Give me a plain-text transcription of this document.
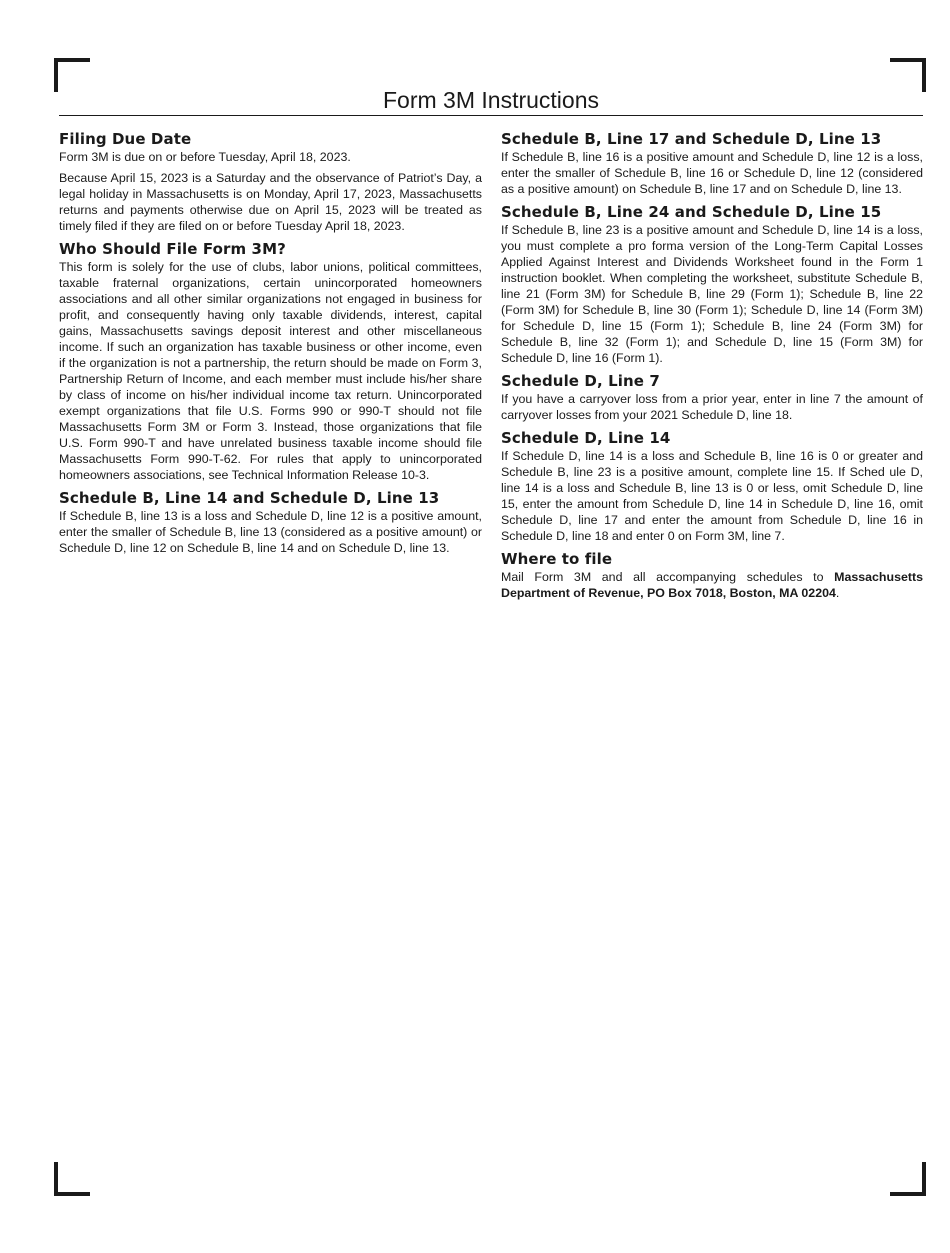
Form 3M Instructions
Filing Due Date

Form 3M is due on or before Tuesday, April 18, 2023.

Because April 15, 2023 is a Saturday and the observance of Patriot’s Day, a legal holiday in Massachusetts is on Monday, April 17, 2023, Massachusetts returns and payments otherwise due on April 15, 2023 will be treated as timely filed if they are filed on or before Tuesday April 18, 2023.

Who Should File Form 3M?

This form is solely for the use of clubs, labor unions, political committees, taxable fraternal organizations, certain unincorporated homeowners associations and all other similar organizations not engaged in business for profit, and consequently having only taxable dividends, interest, capital gains, Massachusetts savings deposit interest and other miscellaneous income. If such an organization has taxable business or other income, even if the organization is not a partnership, the return should be made on Form 3, Partnership Return of Income, and each member must include his/her share by class of income on his/her individual income tax return. Unincorporated exempt organizations that file U.S. Forms 990 or 990-T should not file Massachusetts Form 3M or Form 3. Instead, those organizations that file U.S. Form 990-T and have unrelated business taxable income should file Massachusetts Form 990-T-62. For rules that apply to unincorporated homeowners associations, see Technical Information Release 10-3.

Schedule B, Line 14 and Schedule D, Line 13

If Schedule B, line 13 is a loss and Schedule D, line 12 is a positive amount, enter the smaller of Schedule B, line 13 (considered as a positive amount) or Schedule D, line 12 on Schedule B, line 14 and on Schedule D, line 13.

Schedule B, Line 17 and Schedule D, Line 13

If Schedule B, line 16 is a positive amount and Schedule D, line 12 is a loss, enter the smaller of Schedule B, line 16 or Schedule D, line 12 (considered as a positive amount) on Schedule B, line 17 and on Schedule D, line 13.

Schedule B, Line 24 and Schedule D, Line 15

If Schedule B, line 23 is a positive amount and Schedule D, line 14 is a loss, you must complete a pro forma version of the Long-Term Capital Losses Applied Against Interest and Dividends Worksheet found in the Form 1 instruction booklet. When completing the worksheet, substitute Schedule B, line 21 (Form 3M) for Schedule B, line 29 (Form 1); Schedule B, line 22 (Form 3M) for Schedule B, line 30 (Form 1); Schedule D, line 14 (Form 3M) for Schedule D, line 15 (Form 1); Schedule B, line 24 (Form 3M) for Schedule B, line 32 (Form 1); and Schedule D, line 15 (Form 3M) for Schedule D, line 16 (Form 1).

Schedule D, Line 7

If you have a carryover loss from a prior year, enter in line 7 the amount of carryover losses from your 2021 Schedule D, line 18.

Schedule D, Line 14

If Schedule D, line 14 is a loss and Schedule B, line 16 is 0 or greater and Schedule B, line 23 is a positive amount, complete line 15. If Sched ule D, line 14 is a loss and Schedule B, line 13 is 0 or less, omit Schedule D, line 15, enter the amount from Schedule D, line 14 in Schedule D, line 16, omit Schedule D, line 17 and enter the amount from Schedule D, line 16 in Schedule D, line 18 and enter 0 on Form 3M, line 7.

Where to file

Mail Form 3M and all accompanying schedules to Massachusetts Department of Revenue, PO Box 7018, Boston, MA 02204.
